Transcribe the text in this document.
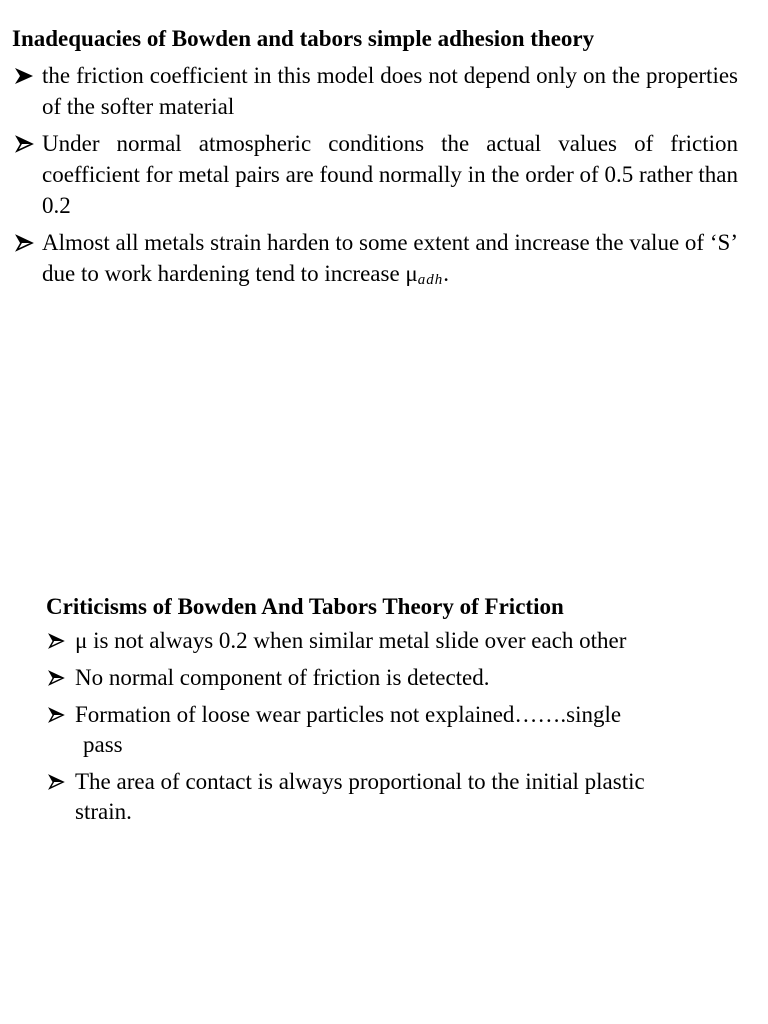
Inadequacies of Bowden and tabors simple adhesion theory
the friction coefficient in this model does not depend only on the properties of the softer material
Under normal atmospheric conditions the actual values of friction coefficient for metal pairs are found normally in the order of 0.5 rather than 0.2
Almost all metals strain harden to some extent and increase the value of ‘S’ due to work hardening tend to increase μadh.
Criticisms of Bowden And Tabors Theory of Friction
μ is not always 0.2 when similar metal slide over each other
No normal component of friction is detected.
Formation of loose wear particles not explained…….single
pass
The area of contact is always proportional to the initial plastic strain.
